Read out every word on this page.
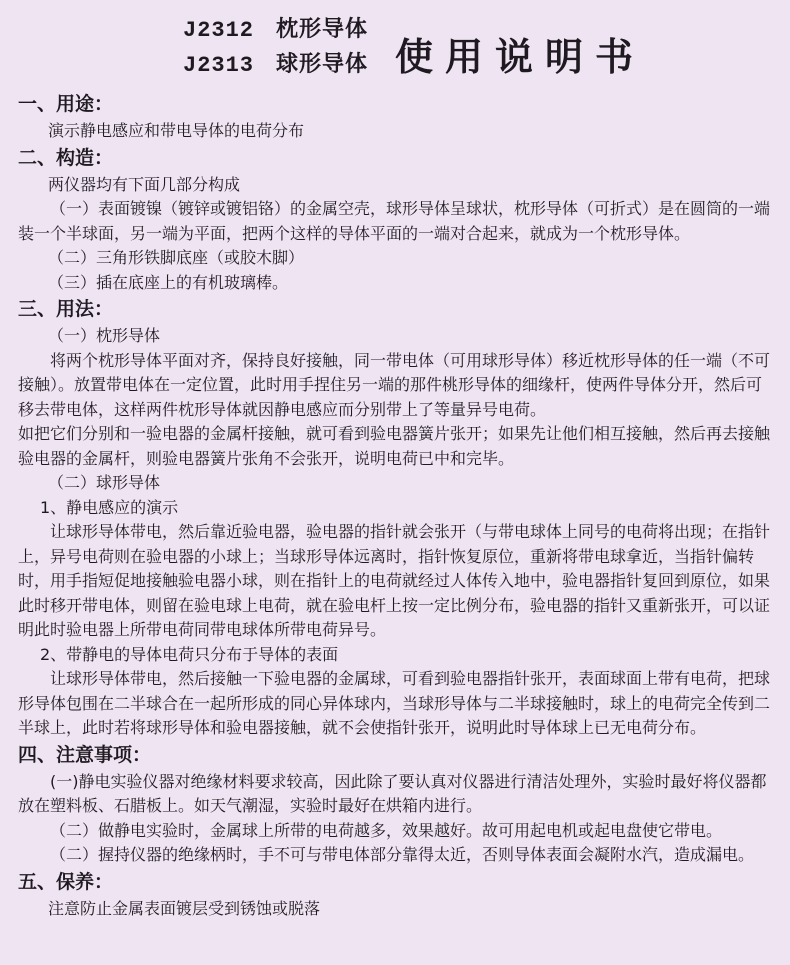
J2312 枕形导体
J2313 球形导体 使用说明书

一、用途：

演示静电感应和带电导体的电荷分布

二、构造：

两仪器均有下面几部分构成

（一）表面镀镍（镀锌或镀铝铬）的金属空壳，球形导体呈球状，枕形导体（可折式）是在圆筒的一端装一个半球面，另一端为平面，把两个这样的导体平面的一端对合起来，就成为一个枕形导体。

（二）三角形铁脚底座（或胶木脚）

（三）插在底座上的有机玻璃棒。

三、用法：

（一）枕形导体

将两个枕形导体平面对齐，保持良好接触，同一带电体（可用球形导体）移近枕形导体的任一端（不可接触）。放置带电体在一定位置，此时用手捏住另一端的那件桃形导体的细缘杆，使两件导体分开，然后可移去带电体，这样两件枕形导体就因静电感应而分别带上了等量异号电荷。

如把它们分别和一验电器的金属杆接触，就可看到验电器簧片张开；如果先让他们相互接触，然后再去接触验电器的金属杆，则验电器簧片张角不会张开，说明电荷已中和完毕。

（二）球形导体

1、静电感应的演示

让球形导体带电，然后靠近验电器，验电器的指针就会张开（与带电球体上同号的电荷将出现；在指针上，异号电荷则在验电器的小球上；当球形导体远离时，指针恢复原位，重新将带电球拿近，当指针偏转时，用手指短促地接触验电器小球，则在指针上的电荷就经过人体传入地中，验电器指针复回到原位，如果此时移开带电体，则留在验电球上电荷，就在验电杆上按一定比例分布，验电器的指针又重新张开，可以证明此时验电器上所带电荷同带电球体所带电荷异号。

2、带静电的导体电荷只分布于导体的表面

让球形导体带电，然后接触一下验电器的金属球，可看到验电器指针张开，表面球面上带有电荷，把球形导体包围在二半球合在一起所形成的同心异体球内，当球形导体与二半球接触时，球上的电荷完全传到二半球上，此时若将球形导体和验电器接触，就不会使指针张开，说明此时导体球上已无电荷分布。

四、注意事项：

(一)静电实验仪器对绝缘材料要求较高，因此除了要认真对仪器进行清洁处理外，实验时最好将仪器都放在塑料板、石腊板上。如天气潮湿，实验时最好在烘箱内进行。

（二）做静电实验时，金属球上所带的电荷越多，效果越好。故可用起电机或起电盘使它带电。

（二）握持仪器的绝缘柄时，手不可与带电体部分靠得太近，否则导体表面会凝附水汽，造成漏电。

五、保养：

注意防止金属表面镀层受到锈蚀或脱落
